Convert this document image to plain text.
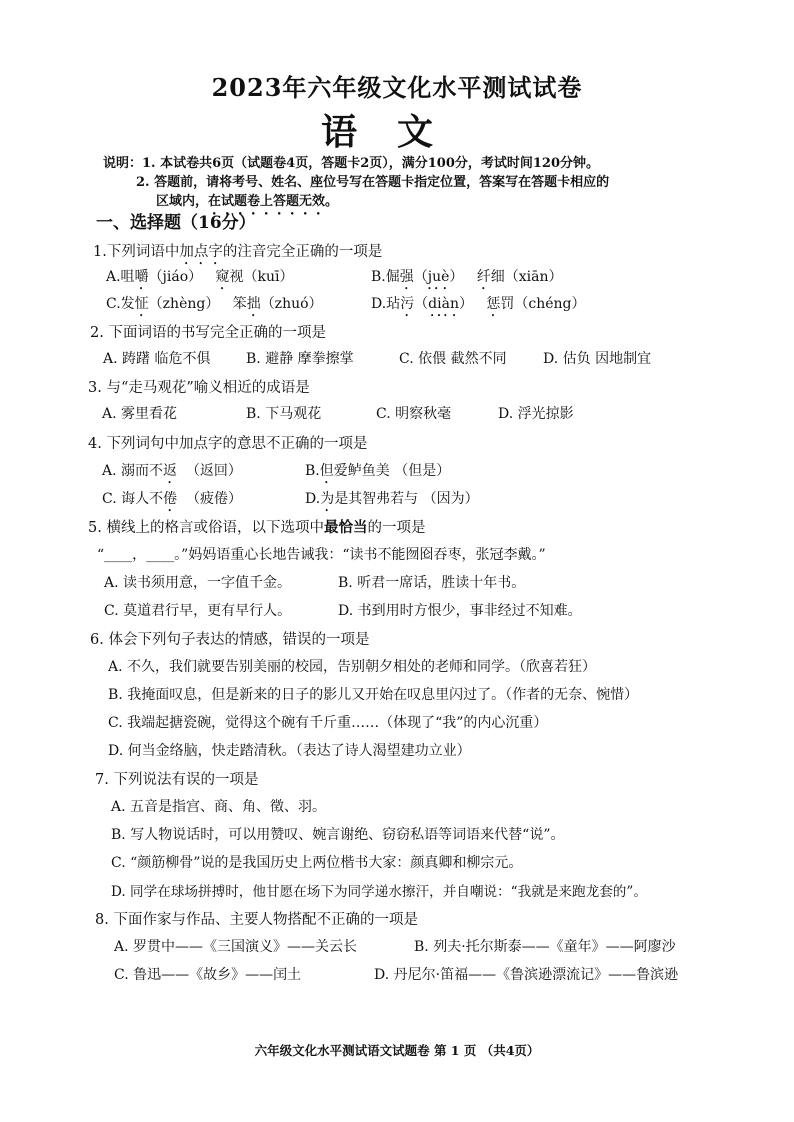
2023年六年级文化水平测试试卷
语文
说明：1. 本试卷共6页（试题卷4页，答题卡2页），满分100分，考试时间120分钟。
2. 答题前，请将考号、姓名、座位号写在答题卡指定位置，答案写在答题卡相应的
区域内，在试题卷上答题无效。
一、选择题（16分）
1.下列词语中加点字的注音完全正确的一项是
A.咀嚼（jiáo） 窥视（kuī）	B.倔强（juè） 纤细（xiān）
C.发怔（zhèng） 笨拙（zhuó）	D.玷污（diàn） 惩罚（chéng）
2. 下面词语的书写完全正确的一项是
A. 踌躇 临危不俱	B. 避静 摩拳擦掌	C. 依偎 截然不同	D. 估负 因地制宜
3. 与“走马观花”喻义相近的成语是
A. 雾里看花	B. 下马观花	C. 明察秋毫	D. 浮光掠影
4. 下列词句中加点字的意思不正确的一项是
A. 溺而不返 （返回）	B.但爱鲈鱼美 （但是）
C. 诲人不倦 （疲倦）	D.为是其智弗若与 （因为）
5. 横线上的格言或俗语，以下选项中最恰当的一项是
“____，____。”妈妈语重心长地告诫我：“读书不能囫囵吞枣，张冠李戴。”
A. 读书须用意，一字值千金。	B. 听君一席话，胜读十年书。
C. 莫道君行早，更有早行人。	D. 书到用时方恨少，事非经过不知难。
6. 体会下列句子表达的情感，错误的一项是
A. 不久，我们就要告别美丽的校园，告别朝夕相处的老师和同学。（欣喜若狂）
B. 我掩面叹息，但是新来的日子的影儿又开始在叹息里闪过了。（作者的无奈、惋惜）
C. 我端起搪瓷碗，觉得这个碗有千斤重……（体现了“我”的内心沉重）
D. 何当金络脑，快走踏清秋。（表达了诗人渴望建功立业）
7. 下列说法有误的一项是
A. 五音是指宫、商、角、徵、羽。
B. 写人物说话时，可以用赞叹、婉言谢绝、窃窃私语等词语来代替“说”。
C. “颜筋柳骨”说的是我国历史上两位楷书大家：颜真卿和柳宗元。
D. 同学在球场拼搏时，他甘愿在场下为同学递水擦汗，并自嘲说：“我就是来跑龙套的”。
8. 下面作家与作品、主要人物搭配不正确的一项是
A. 罗贯中——《三国演义》——关云长	B. 列夫·托尔斯泰——《童年》——阿廖沙
C. 鲁迅——《故乡》——闰土	D. 丹尼尔·笛福——《鲁滨逊漂流记》——鲁滨逊
六年级文化水平测试语文试题卷 第 1 页 （共4页）
